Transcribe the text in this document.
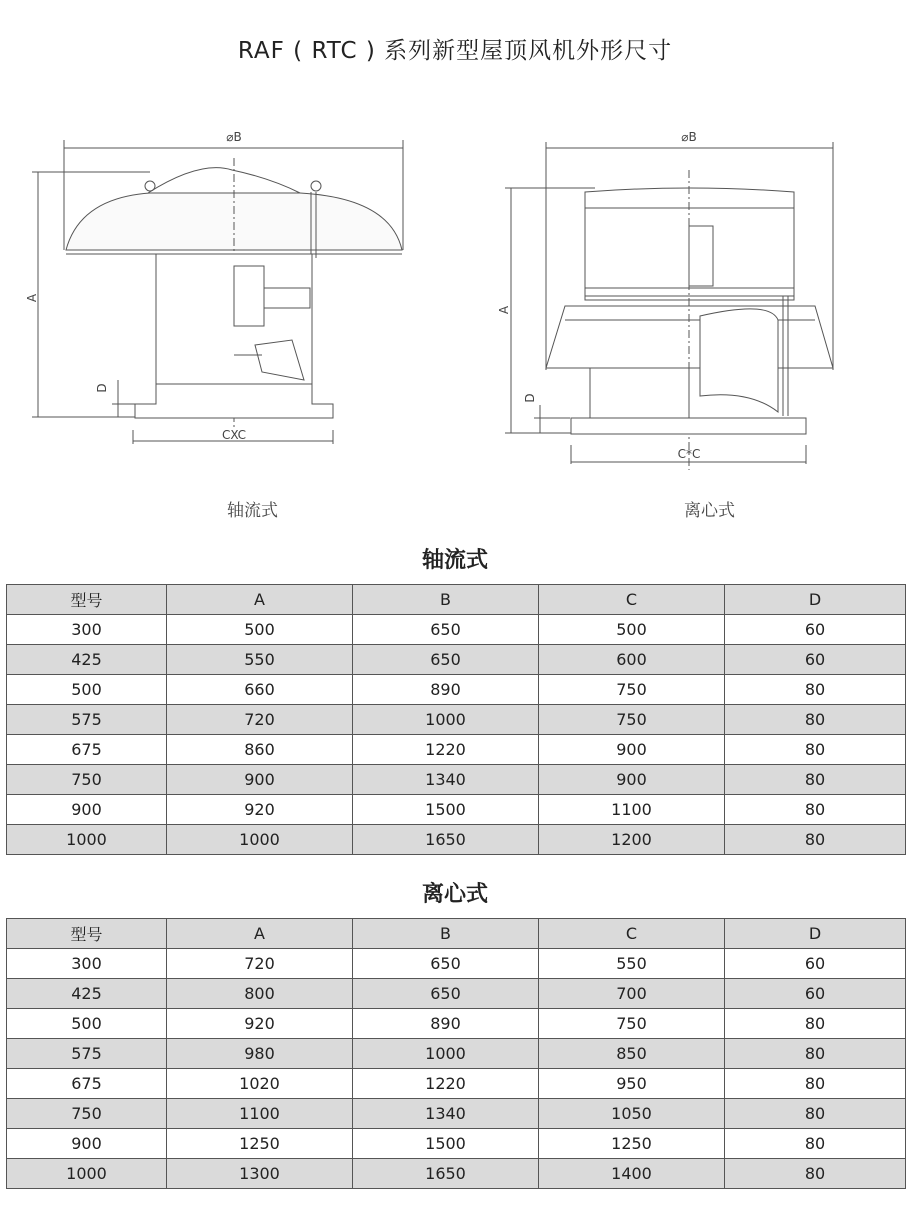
RAF ( RTC ) 系列新型屋顶风机外形尺寸
⌀B
A
D
CXC
⌀B
A
D
C*C
轴流式	离心式
轴流式
型号	A	B	C	D
300	500	650	500	60
425	550	650	600	60
500	660	890	750	80
575	720	1000	750	80
675	860	1220	900	80
750	900	1340	900	80
900	920	1500	1100	80
1000	1000	1650	1200	80
离心式
型号	A	B	C	D
300	720	650	550	60
425	800	650	700	60
500	920	890	750	80
575	980	1000	850	80
675	1020	1220	950	80
750	1100	1340	1050	80
900	1250	1500	1250	80
1000	1300	1650	1400	80
